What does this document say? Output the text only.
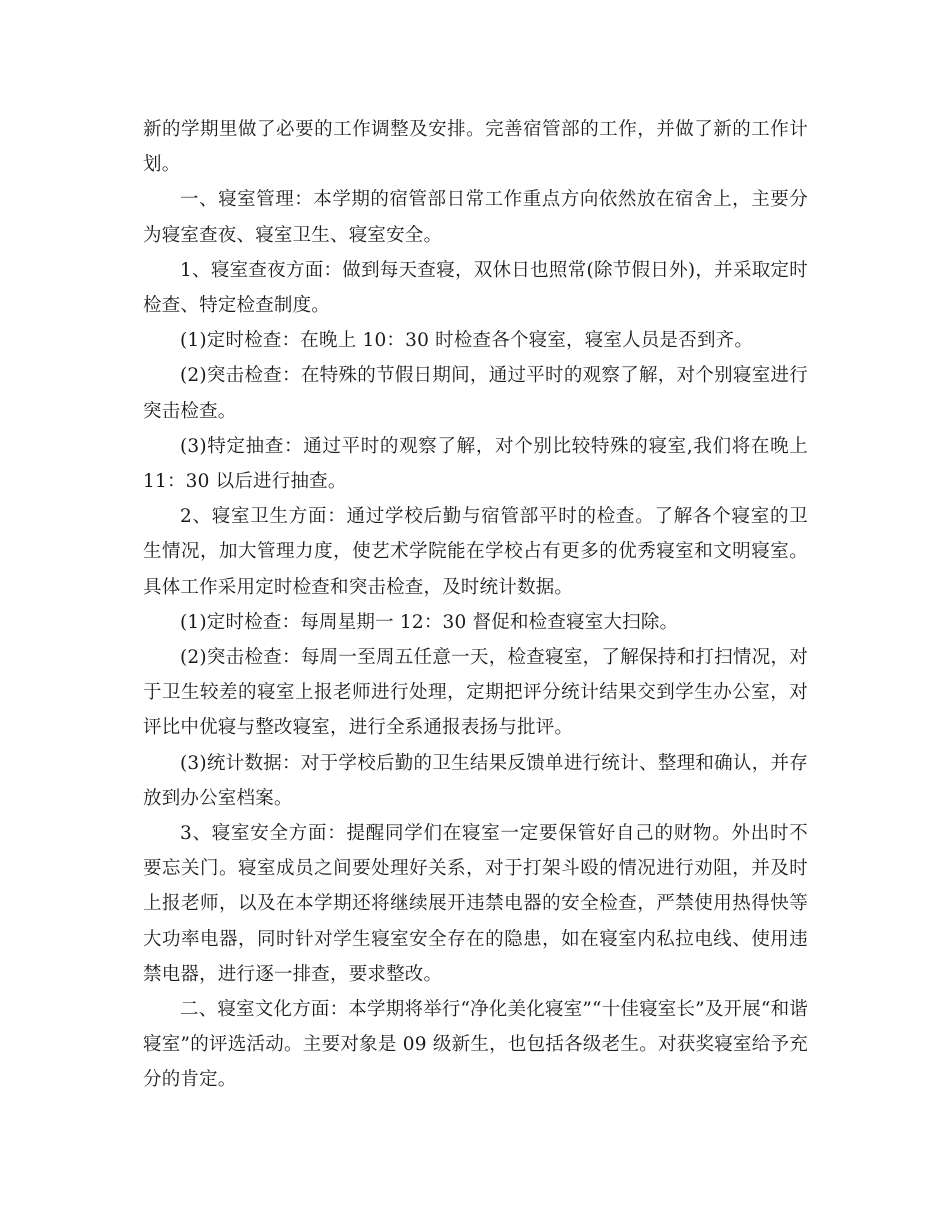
新的学期里做了必要的工作调整及安排。完善宿管部的工作，并做了新的工作计划。

一、寝室管理：本学期的宿管部日常工作重点方向依然放在宿舍上，主要分为寝室查夜、寝室卫生、寝室安全。

1、寝室查夜方面：做到每天查寝，双休日也照常(除节假日外)，并采取定时检查、特定检查制度。

(1)定时检查：在晚上 10：30 时检查各个寝室，寝室人员是否到齐。

(2)突击检查：在特殊的节假日期间，通过平时的观察了解，对个别寝室进行突击检查。

(3)特定抽查：通过平时的观察了解，对个别比较特殊的寝室,我们将在晚上 11：30 以后进行抽查。

2、寝室卫生方面：通过学校后勤与宿管部平时的检查。了解各个寝室的卫生情况，加大管理力度，使艺术学院能在学校占有更多的优秀寝室和文明寝室。具体工作采用定时检查和突击检查，及时统计数据。

(1)定时检查：每周星期一 12：30 督促和检查寝室大扫除。

(2)突击检查：每周一至周五任意一天，检查寝室，了解保持和打扫情况，对于卫生较差的寝室上报老师进行处理，定期把评分统计结果交到学生办公室，对评比中优寝与整改寝室，进行全系通报表扬与批评。

(3)统计数据：对于学校后勤的卫生结果反馈单进行统计、整理和确认，并存放到办公室档案。

3、寝室安全方面：提醒同学们在寝室一定要保管好自己的财物。外出时不要忘关门。寝室成员之间要处理好关系，对于打架斗殴的情况进行劝阻，并及时上报老师，以及在本学期还将继续展开违禁电器的安全检查，严禁使用热得快等大功率电器，同时针对学生寝室安全存在的隐患，如在寝室内私拉电线、使用违禁电器，进行逐一排查，要求整改。

二、寝室文化方面：本学期将举行“净化美化寝室”“十佳寝室长”及开展“和谐寝室”的评选活动。主要对象是 09 级新生，也包括各级老生。对获奖寝室给予充分的肯定。
